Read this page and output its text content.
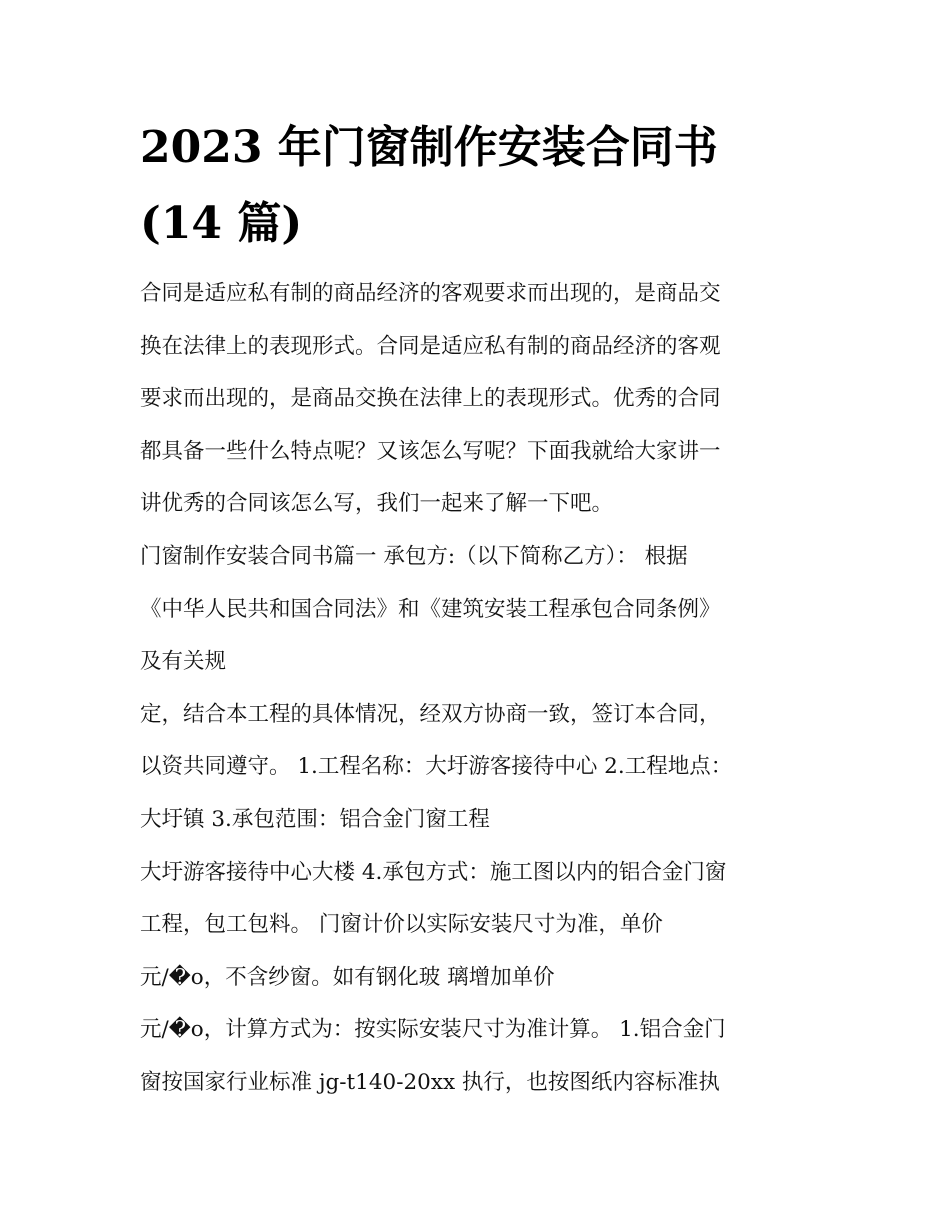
2023 年门窗制作安装合同书
(14 篇)
合同是适应私有制的商品经济的客观要求而出现的，是商品交
换在法律上的表现形式。合同是适应私有制的商品经济的客观
要求而出现的，是商品交换在法律上的表现形式。优秀的合同
都具备一些什么特点呢？又该怎么写呢？下面我就给大家讲一
讲优秀的合同该怎么写，我们一起来了解一下吧。
门窗制作安装合同书篇一 承包方:（以下简称乙方）： 根据
《中华人民共和国合同法》和《建筑安装工程承包合同条例》
及有关规
定，结合本工程的具体情况，经双方协商一致，签订本合同，
以资共同遵守。 1.工程名称：大圩游客接待中心 2.工程地点：
大圩镇 3.承包范围：铝合金门窗工程
大圩游客接待中心大楼 4.承包方式：施工图以内的铝合金门窗
工程，包工包料。 门窗计价以实际安装尺寸为准，单价
元/�o，不含纱窗。如有钢化玻 璃增加单价
元/�o，计算方式为：按实际安装尺寸为准计算。 1.铝合金门
窗按国家行业标准 jg-t140-20xx 执行，也按图纸内容标准执
